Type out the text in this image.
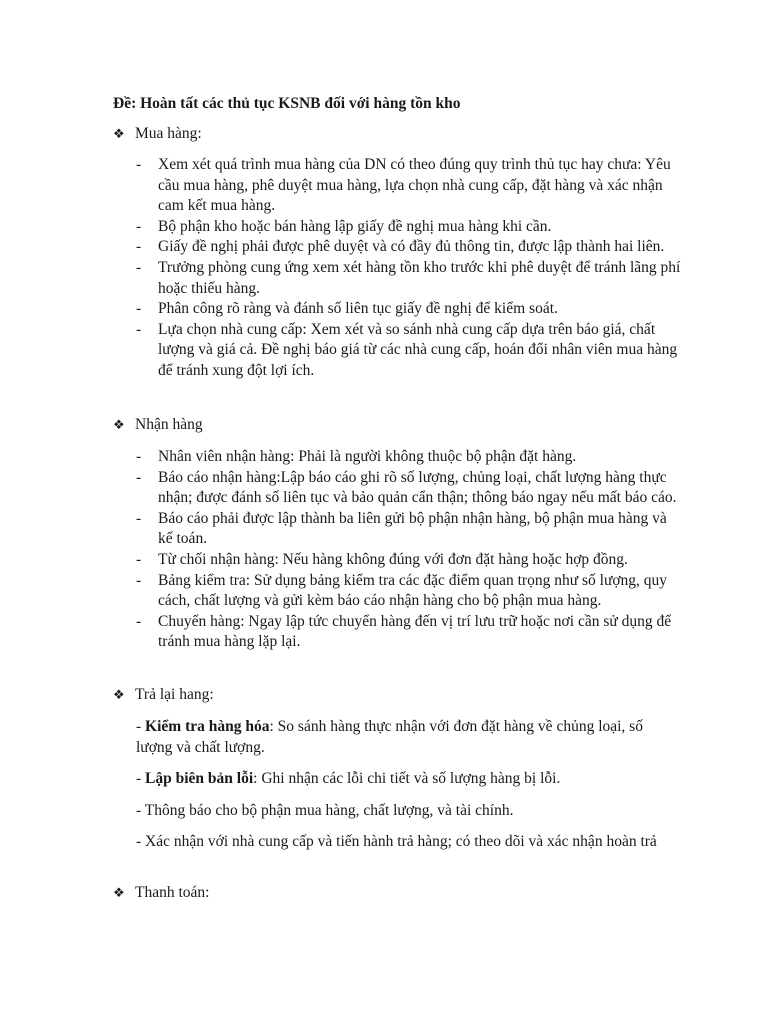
Đề: Hoàn tất các thủ tục KSNB đối với hàng tồn kho
❖ Mua hàng:
- Xem xét quá trình mua hàng của DN có theo đúng quy trình thủ tục hay chưa: Yêu cầu mua hàng, phê duyệt mua hàng, lựa chọn nhà cung cấp, đặt hàng và xác nhận cam kết mua hàng.
- Bộ phận kho hoặc bán hàng lập giấy đề nghị mua hàng khi cần.
- Giấy đề nghị phải được phê duyệt và có đầy đủ thông tin, được lập thành hai liên.
- Trưởng phòng cung ứng xem xét hàng tồn kho trước khi phê duyệt để tránh lãng phí hoặc thiếu hàng.
- Phân công rõ ràng và đánh số liên tục giấy đề nghị để kiểm soát.
- Lựa chọn nhà cung cấp: Xem xét và so sánh nhà cung cấp dựa trên báo giá, chất lượng và giá cả. Đề nghị báo giá từ các nhà cung cấp, hoán đổi nhân viên mua hàng để tránh xung đột lợi ích.
❖ Nhận hàng
- Nhân viên nhận hàng: Phải là người không thuộc bộ phận đặt hàng.
- Báo cáo nhận hàng:Lập báo cáo ghi rõ số lượng, chủng loại, chất lượng hàng thực nhận; được đánh số liên tục và bảo quản cẩn thận; thông báo ngay nếu mất báo cáo.
- Báo cáo phải được lập thành ba liên gửi bộ phận nhận hàng, bộ phận mua hàng và kế toán.
- Từ chối nhận hàng: Nếu hàng không đúng với đơn đặt hàng hoặc hợp đồng.
- Bảng kiểm tra: Sử dụng bảng kiểm tra các đặc điểm quan trọng như số lượng, quy cách, chất lượng và gửi kèm báo cáo nhận hàng cho bộ phận mua hàng.
- Chuyển hàng: Ngay lập tức chuyển hàng đến vị trí lưu trữ hoặc nơi cần sử dụng để tránh mua hàng lặp lại.
❖ Trả lại hang:

- Kiểm tra hàng hóa: So sánh hàng thực nhận với đơn đặt hàng về chủng loại, số lượng và chất lượng.

- Lập biên bản lỗi: Ghi nhận các lỗi chi tiết và số lượng hàng bị lỗi.

- Thông báo cho bộ phận mua hàng, chất lượng, và tài chính.

- Xác nhận với nhà cung cấp và tiến hành trả hàng; có theo dõi và xác nhận hoàn trả

❖ Thanh toán:
